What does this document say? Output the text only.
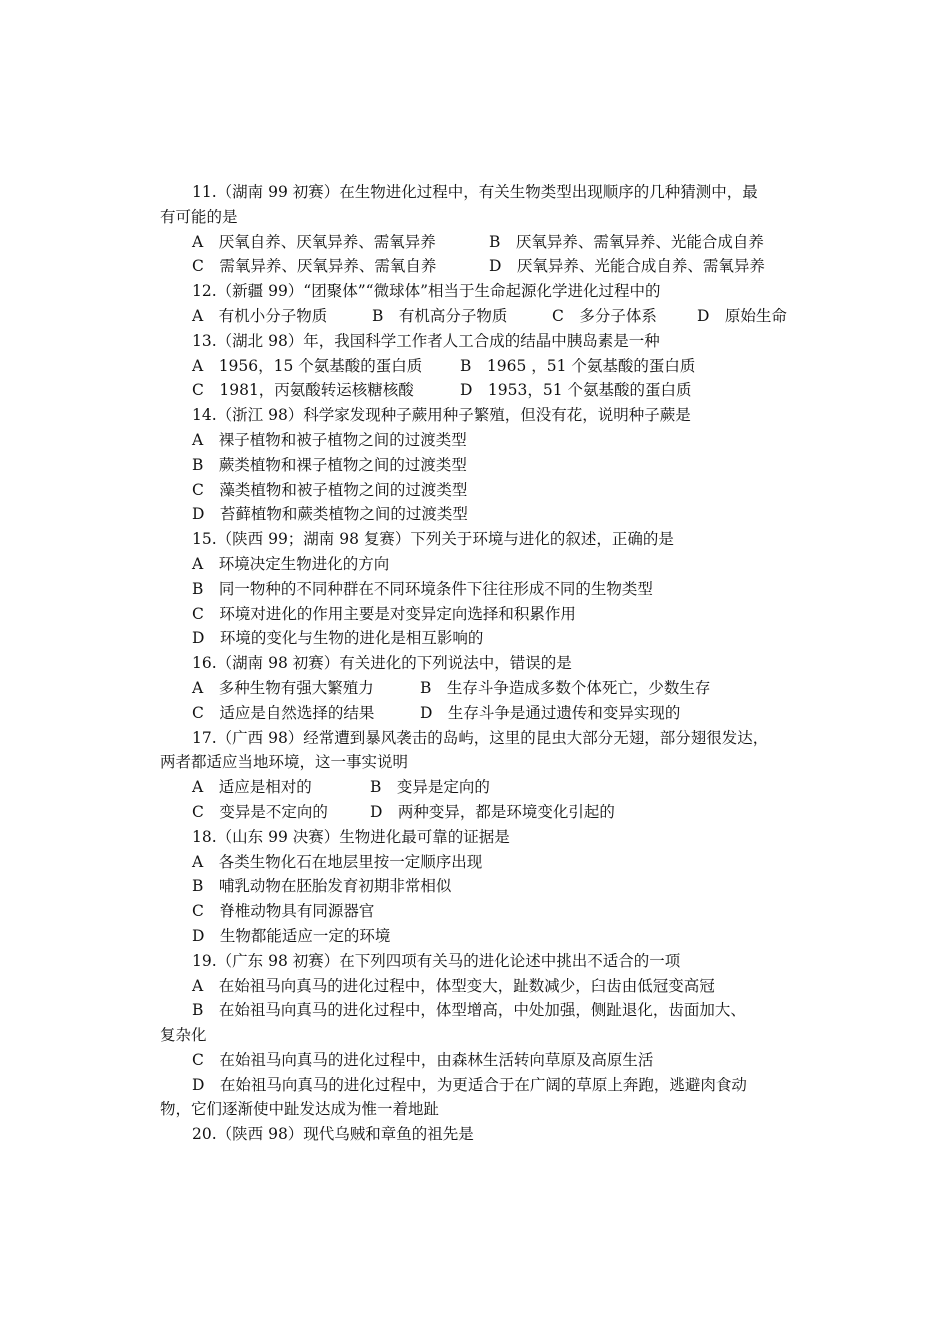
11.（湖南 99 初赛）在生物进化过程中，有关生物类型出现顺序的几种猜测中，最
有可能的是
A　厌氧自养、厌氧异养、需氧异养	B　厌氧异养、需氧异养、光能合成自养
C　需氧异养、厌氧异养、需氧自养	D　厌氧异养、光能合成自养、需氧异养
12.（新疆 99）“团聚体”“微球体”相当于生命起源化学进化过程中的
A　有机小分子物质	B　有机高分子物质	C　多分子体系	D　原始生命
13.（湖北 98）年，我国科学工作者人工合成的结晶中胰岛素是一种
A　1956，15 个氨基酸的蛋白质	B　1965 ，51 个氨基酸的蛋白质
C　1981，丙氨酸转运核糖核酸	D　1953，51 个氨基酸的蛋白质
14.（浙江 98）科学家发现种子蕨用种子繁殖，但没有花，说明种子蕨是
A　裸子植物和被子植物之间的过渡类型
B　蕨类植物和裸子植物之间的过渡类型
C　藻类植物和被子植物之间的过渡类型
D　苔藓植物和蕨类植物之间的过渡类型
15.（陕西 99；湖南 98 复赛）下列关于环境与进化的叙述，正确的是
A　环境决定生物进化的方向
B　同一物种的不同种群在不同环境条件下往往形成不同的生物类型
C　环境对进化的作用主要是对变异定向选择和积累作用
D　环境的变化与生物的进化是相互影响的
16.（湖南 98 初赛）有关进化的下列说法中，错误的是
A　多种生物有强大繁殖力	B　生存斗争造成多数个体死亡，少数生存
C　适应是自然选择的结果	D　生存斗争是通过遗传和变异实现的
17.（广西 98）经常遭到暴风袭击的岛屿，这里的昆虫大部分无翅，部分翅很发达，
两者都适应当地环境，这一事实说明
A　适应是相对的	B　变异是定向的
C　变异是不定向的	D　两种变异，都是环境变化引起的
18.（山东 99 决赛）生物进化最可靠的证据是
A　各类生物化石在地层里按一定顺序出现
B　哺乳动物在胚胎发育初期非常相似
C　脊椎动物具有同源器官
D　生物都能适应一定的环境
19.（广东 98 初赛）在下列四项有关马的进化论述中挑出不适合的一项
A　在始祖马向真马的进化过程中，体型变大，趾数减少，臼齿由低冠变高冠
B　在始祖马向真马的进化过程中，体型增高，中处加强，侧趾退化，齿面加大、
复杂化
C　在始祖马向真马的进化过程中，由森林生活转向草原及高原生活
D　在始祖马向真马的进化过程中，为更适合于在广阔的草原上奔跑，逃避肉食动
物，它们逐渐使中趾发达成为惟一着地趾
20.（陕西 98）现代乌贼和章鱼的祖先是
